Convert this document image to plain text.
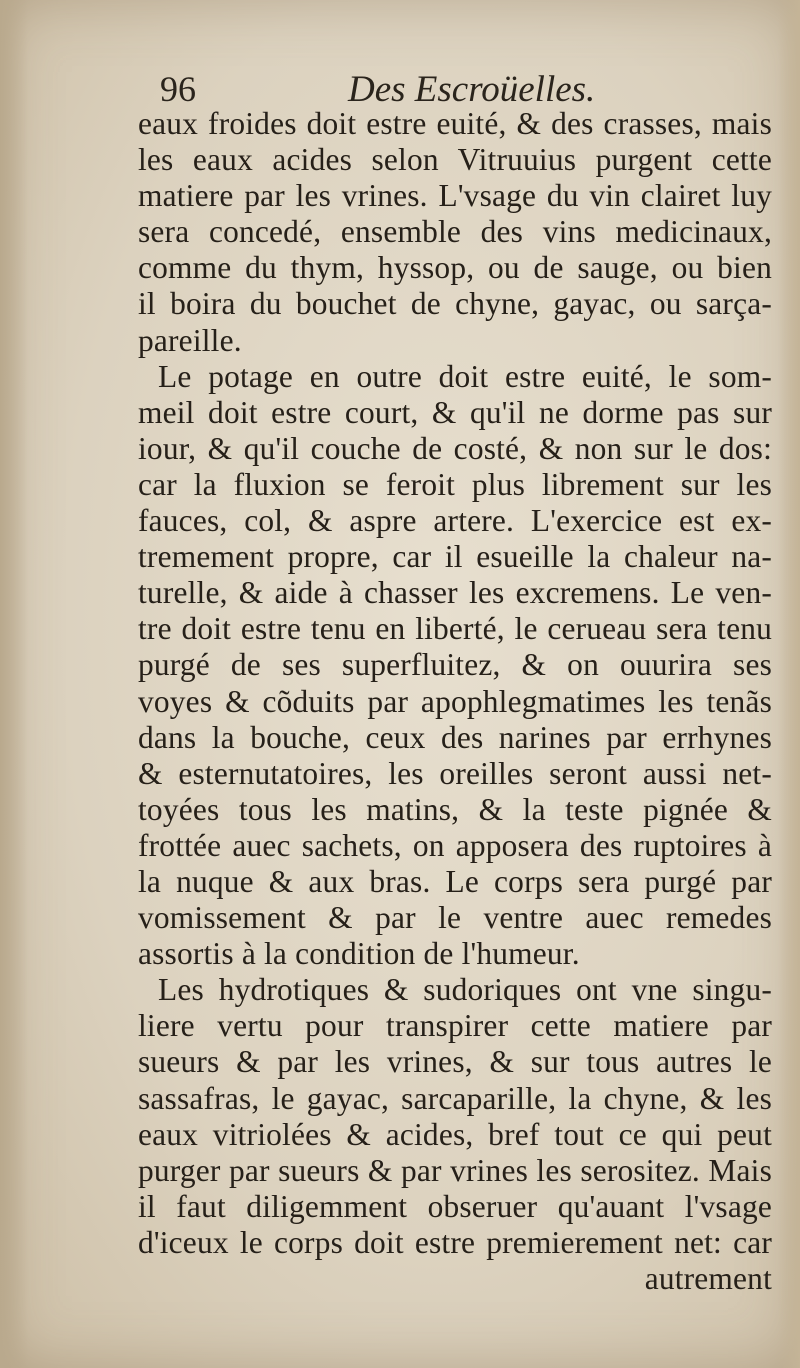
96	Des Escroüelles.
eaux froides doit estre euité, & des crasses, mais
les eaux acides selon Vitruuius purgent cette
matiere par les vrines. L'vsage du vin clairet luy
sera concedé, ensemble des vins medicinaux,
comme du thym, hyssop, ou de sauge, ou bien
il boira du bouchet de chyne, gayac, ou sarça-
pareille.
Le potage en outre doit estre euité, le som-
meil doit estre court, & qu'il ne dorme pas sur
iour, & qu'il couche de costé, & non sur le dos:
car la fluxion se feroit plus librement sur les
fauces, col, & aspre artere. L'exercice est ex-
tremement propre, car il esueille la chaleur na-
turelle, & aide à chasser les excremens. Le ven-
tre doit estre tenu en liberté, le cerueau sera tenu
purgé de ses superfluitez, & on ouurira ses
voyes & cõduits par apophlegmatimes les tenãs
dans la bouche, ceux des narines par errhynes
& esternutatoires, les oreilles seront aussi net-
toyées tous les matins, & la teste pignée &
frottée auec sachets, on apposera des ruptoires à
la nuque & aux bras. Le corps sera purgé par
vomissement & par le ventre auec remedes
assortis à la condition de l'humeur.
Les hydrotiques & sudoriques ont vne singu-
liere vertu pour transpirer cette matiere par
sueurs & par les vrines, & sur tous autres le
sassafras, le gayac, sarcaparille, la chyne, & les
eaux vitriolées & acides, bref tout ce qui peut
purger par sueurs & par vrines les serositez. Mais
il faut diligemment obseruer qu'auant l'vsage
d'iceux le corps doit estre premierement net: car
autrement
